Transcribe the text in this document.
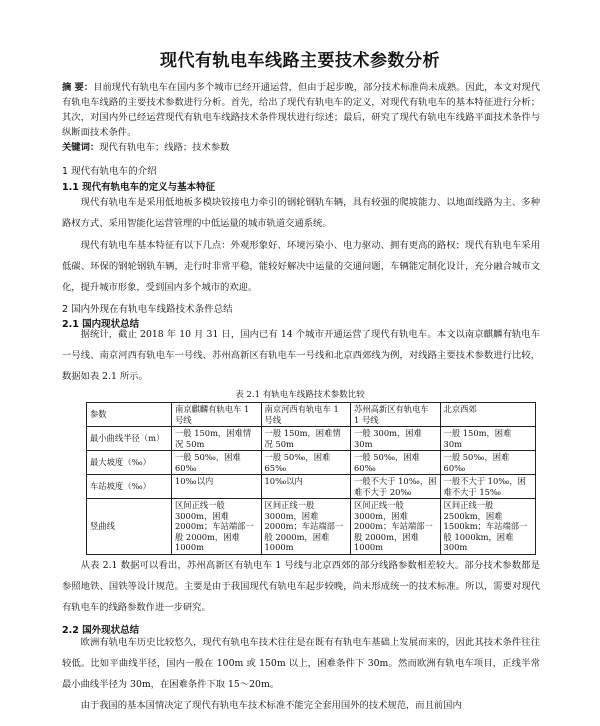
现代有轨电车线路主要技术参数分析
摘 要：目前现代有轨电车在国内多个城市已经开通运营，但由于起步晚，部分技术标准尚未成熟。因此，本文对现代有轨电车线路的主要技术参数进行分析。首先，给出了现代有轨电车的定义，对现代有轨电车的基本特征进行分析；其次，对国内外已经运营现代有轨电车线路技术条件现状进行综述；最后，研究了现代有轨电车线路平面技术条件与纵断面技术条件。
关键词：现代有轨电车；线路；技术参数
1 现代有轨电车的介绍
1.1 现代有轨电车的定义与基本特征
现代有轨电车是采用低地板多模块铰接电力牵引的钢轮钢轨车辆，具有较强的爬坡能力、以地面线路为主、多种路权方式、采用智能化运营管理的中低运量的城市轨道交通系统。
现代有轨电车基本特征有以下几点：外观形象好、环境污染小、电力驱动、拥有更高的路权；现代有轨电车采用低碳、环保的钢轮钢轨车辆，走行时非常平稳，能较好解决中运量的交通问题，车辆能定制化设计，充分融合城市文化，提升城市形象，受到国内多个城市的欢迎。
2 国内外现在有轨电车线路技术条件总结
2.1 国内现状总结
据统计，截止 2018 年 10 月 31 日，国内已有 14 个城市开通运营了现代有轨电车。本文以南京麒麟有轨电车一号线、南京河西有轨电车一号线、苏州高新区有轨电车一号线和北京西郊线为例，对线路主要技术参数进行比较，数据如表 2.1 所示。
表 2.1 有轨电车线路技术参数比较
参数	南京麒麟有轨电车 1 号线	南京河西有轨电车 1 号线	苏州高新区有轨电车 1 号线	北京西郊
最小曲线半径（m）	一般 150m，困难情况 50m	一般 150m，困难情况 50m	一般 300m，困难 30m	一般 150m，困难 30m
最大坡度（‰）	一般 50‰，困难 60‰	一般 50‰，困难 65‰	一般 50‰，困难 60‰	一般 50‰，困难 60‰
车站坡度（‰）	10‰以内	10‰以内	一般不大于 10‰，困难不大于 20‰	一般不大于 10‰，困难不大于 15‰
竖曲线	区间正线一般 3000m，困难 2000m；车站端部一般 2000m，困难 1000m	区间正线一般 3000m，困难 2000m；车站端部一般 2000m，困难 1000m	区间正线一般 3000m，困难 2000m；车站端部一般 2000m，困难 1000m	区间正线一般 2500km，困难 1500km；车站端部一般 1000km，困难 300m
从表 2.1 数据可以看出，苏州高新区有轨电车 1 号线与北京西郊的部分线路参数相差较大。部分技术参数都是参照地铁、国铁等设计规范。主要是由于我国现代有轨电车起步较晚，尚未形成统一的技术标准。所以，需要对现代有轨电车的线路参数作进一步研究。
2.2 国外现状总结
欧洲有轨电车历史比较悠久，现代有轨电车技术往往是在既有有轨电车基础上发展而来的，因此其技术条件往往较低。比如平曲线半径，国内一般在 100m 或 150m 以上，困难条件下 30m。然而欧洲有轨电车项目，正线半常最小曲线半径为 30m，在困难条件下取 15～20m。
由于我国的基本国情决定了现代有轨电车技术标准不能完全套用国外的技术规范，而且前国内
